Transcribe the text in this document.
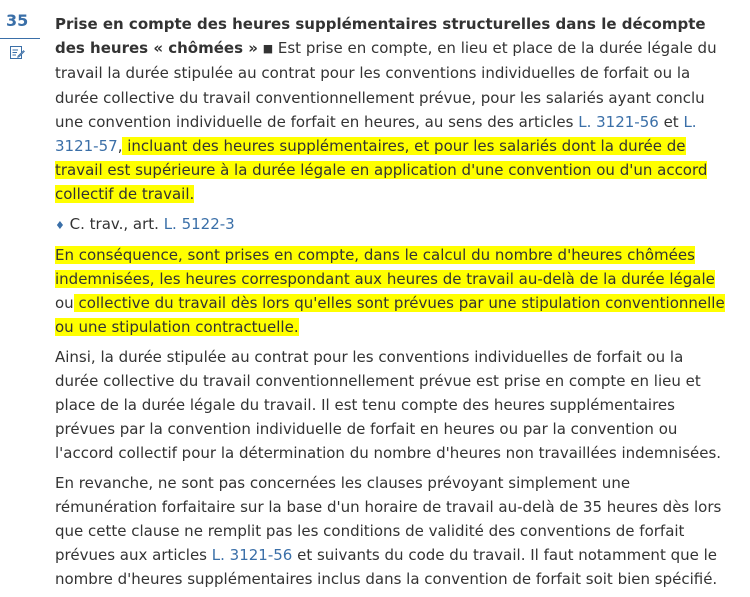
35	Prise en compte des heures supplémentaires structurelles dans le décompte des heures « chômées » ■ Est prise en compte, en lieu et place de la durée légale du travail la durée stipulée au contrat pour les conventions individuelles de forfait ou la durée collective du travail conventionnellement prévue, pour les salariés ayant conclu une convention individuelle de forfait en heures, au sens des articles L. 3121-56 et L. 3121-57, incluant des heures supplémentaires, et pour les salariés dont la durée de travail est supérieure à la durée légale en application d'une convention ou d'un accord collectif de travail.

♦ C. trav., art. L. 5122-3

En conséquence, sont prises en compte, dans le calcul du nombre d'heures chômées indemnisées, les heures correspondant aux heures de travail au-delà de la durée légale ou collective du travail dès lors qu'elles sont prévues par une stipulation conventionnelle ou une stipulation contractuelle.

Ainsi, la durée stipulée au contrat pour les conventions individuelles de forfait ou la durée collective du travail conventionnellement prévue est prise en compte en lieu et place de la durée légale du travail. Il est tenu compte des heures supplémentaires prévues par la convention individuelle de forfait en heures ou par la convention ou l'accord collectif pour la détermination du nombre d'heures non travaillées indemnisées.

En revanche, ne sont pas concernées les clauses prévoyant simplement une rémunération forfaitaire sur la base d'un horaire de travail au-delà de 35 heures dès lors que cette clause ne remplit pas les conditions de validité des conventions de forfait prévues aux articles L. 3121-56 et suivants du code du travail. Il faut notamment que le nombre d'heures supplémentaires inclus dans la convention de forfait soit bien spécifié.
